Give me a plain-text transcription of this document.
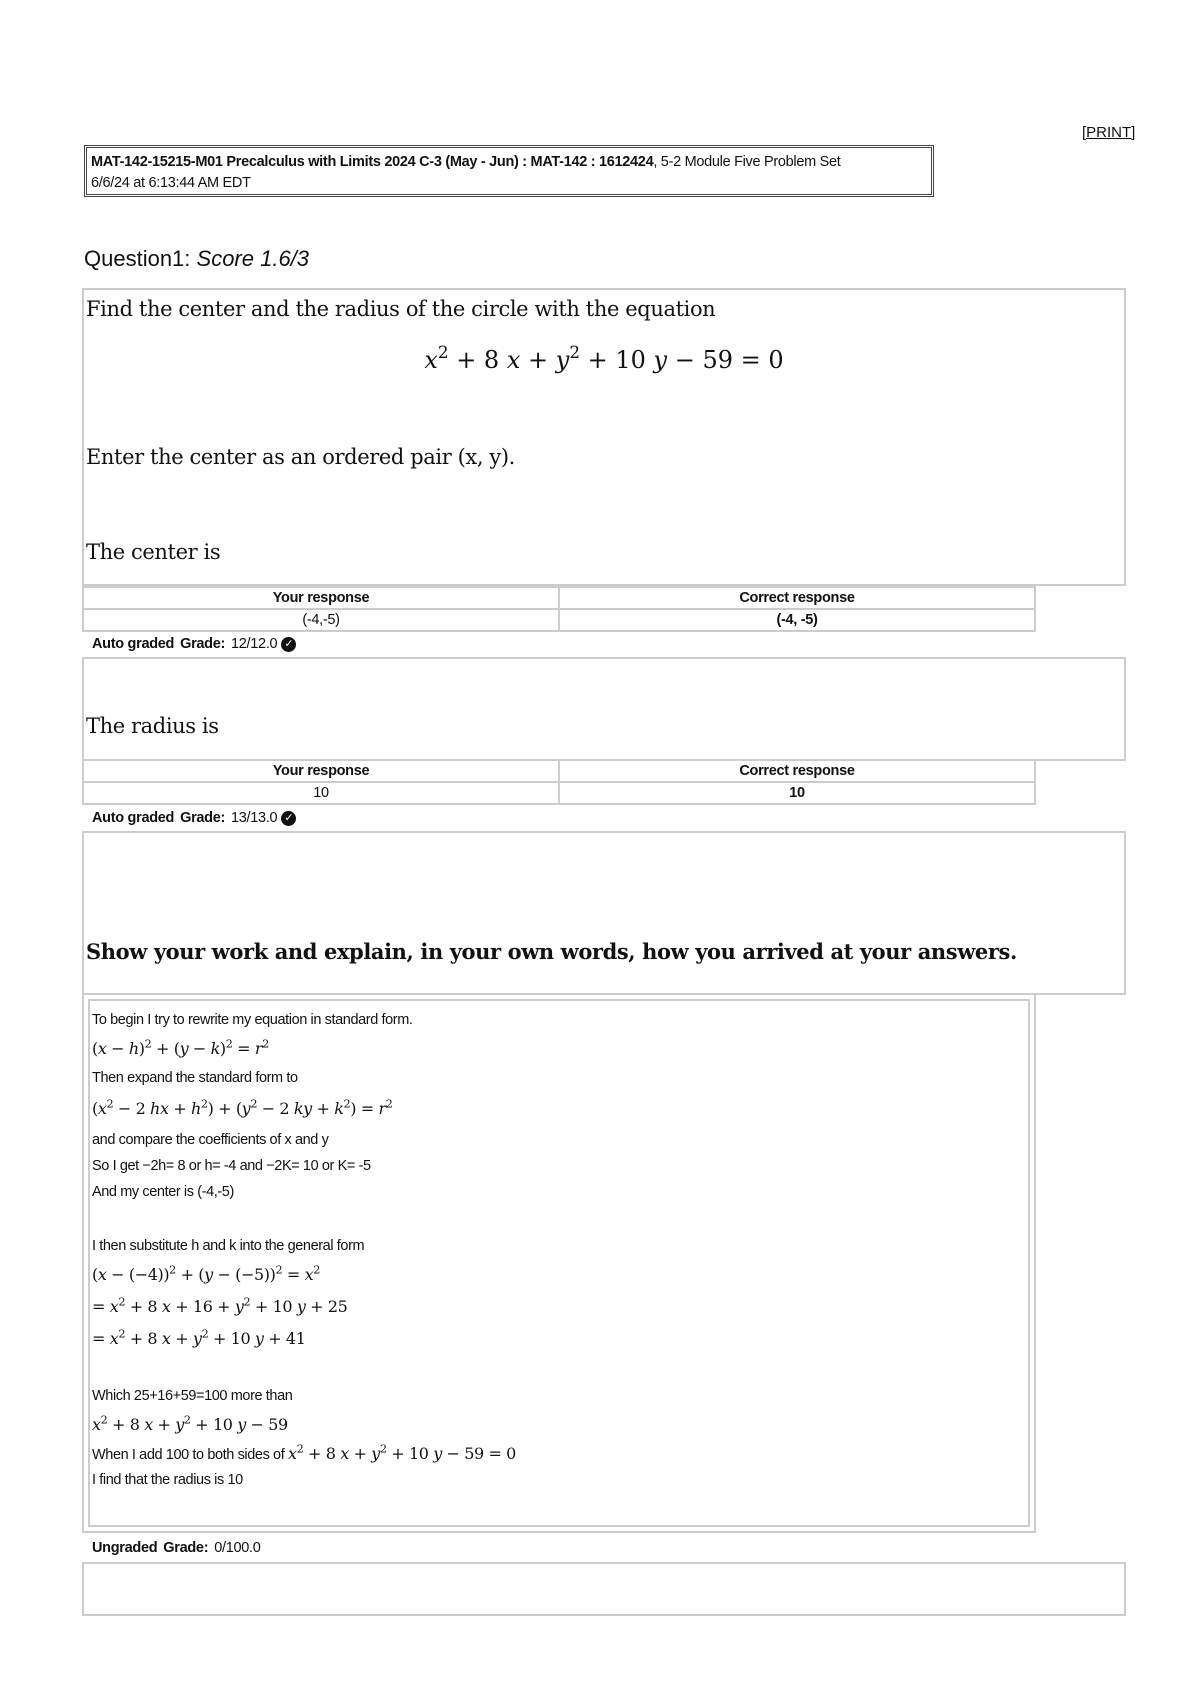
[PRINT]
MAT-142-15215-M01 Precalculus with Limits 2024 C-3 (May - Jun) : MAT-142 : 1612424, 5-2 Module Five Problem Set
6/6/24 at 6:13:44 AM EDT
Question1: Score 1.6/3
Find the center and the radius of the circle with the equation
$x^2 + 8$ $x + y^2 + 10$ y − 59 = 0
Enter the center as an ordered pair (x, y).
The center is
Your response	Correct response
(-4,-5)	(-4, -5)
Auto graded Grade: 12/12.0 ✓
The radius is
Your response	Correct response
10	10
Auto graded Grade: 13/13.0 ✓
Show your work and explain, in your own words, how you arrived at your answers.
To begin I try to rewrite my equation in standard form.
$(x - h)^2 + (y - k)^2 = r^2$
Then expand the standard form to
($x^2 - 2$ hx + $h^2) + (y^2 - 2$ ky + $k^2) = r^2$
and compare the coefficients of x and y
So I get −2h= 8 or h= -4 and −2K= 10 or K= -5
And my center is (-4,-5)
I then substitute h and k into the general form
$(x - (-4))^2 + (y - (-5))^2 = x^2$
= $x^2 + 8$ $x + 16 + y^2 + 10$ y + 25
= $x^2 + 8$ $x + y^2 + 10$ y + 41
Which 25+16+59=100 more than
$x^2 + 8$ $x + y^2 + 10$ y − 59
When I add 100 to both sides of $x^2 + 8$ $x + y^2 + 10$ y − 59 = 0
I find that the radius is 10
Ungraded Grade: 0/100.0
